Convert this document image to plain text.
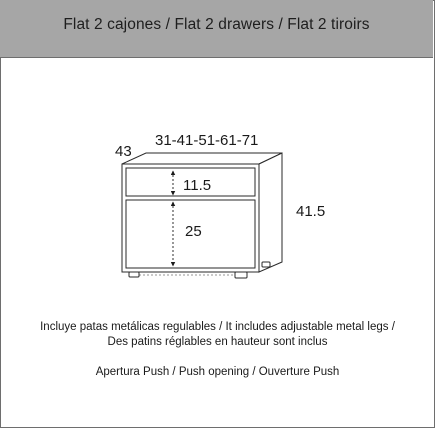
Flat 2 cajones / Flat 2 drawers / Flat 2 tiroirs
43
31-41-51-61-71
41.5
11.5
25
Incluye patas metálicas regulables / It includes adjustable metal legs /
Des patins réglables en hauteur sont inclus
Apertura Push / Push opening / Ouverture Push
